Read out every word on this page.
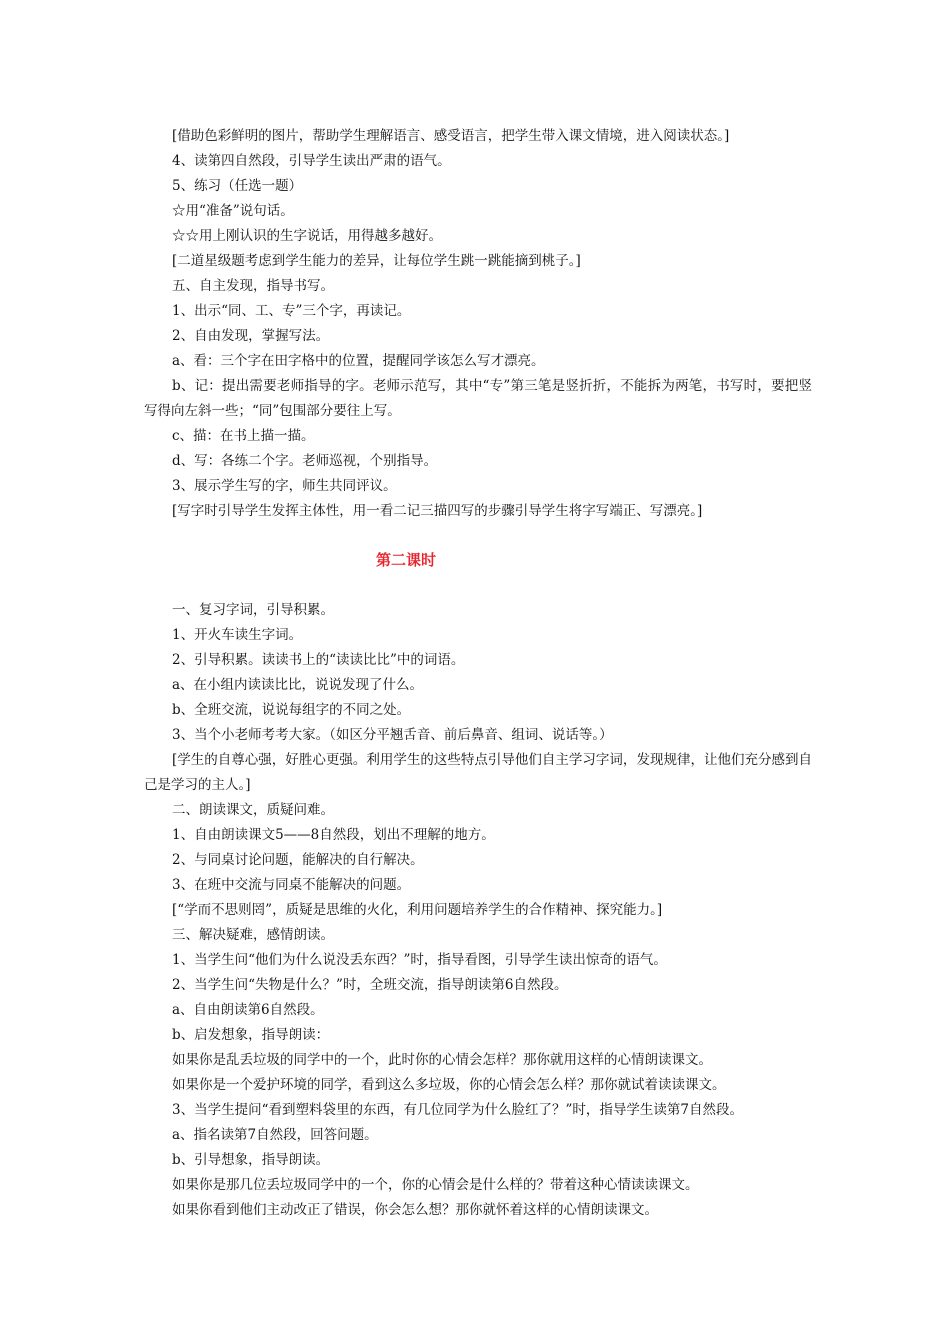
[借助色彩鲜明的图片，帮助学生理解语言、感受语言，把学生带入课文情境，进入阅读状态。]
4、读第四自然段，引导学生读出严肃的语气。
5、练习（任选一题）
☆用“准备”说句话。
☆☆用上刚认识的生字说话，用得越多越好。
[二道星级题考虑到学生能力的差异，让每位学生跳一跳能摘到桃子。]
五、自主发现，指导书写。
1、出示“同、工、专”三个字，再读记。
2、自由发现，掌握写法。
a、看：三个字在田字格中的位置，提醒同学该怎么写才漂亮。
b、记：提出需要老师指导的字。老师示范写，其中“专”第三笔是竖折折，不能拆为两笔，书写时，要把竖写得向左斜一些；“同”包围部分要往上写。
c、描：在书上描一描。
d、写：各练二个字。老师巡视，个别指导。
3、展示学生写的字，师生共同评议。
[写字时引导学生发挥主体性，用一看二记三描四写的步骤引导学生将字写端正、写漂亮。]
第二课时
一、复习字词，引导积累。
1、开火车读生字词。
2、引导积累。读读书上的“读读比比”中的词语。
a、在小组内读读比比，说说发现了什么。
b、全班交流，说说每组字的不同之处。
3、当个小老师考考大家。（如区分平翘舌音、前后鼻音、组词、说话等。）
[学生的自尊心强，好胜心更强。利用学生的这些特点引导他们自主学习字词，发现规律，让他们充分感到自己是学习的主人。]
二、朗读课文，质疑问难。
1、自由朗读课文5——8自然段，划出不理解的地方。
2、与同桌讨论问题，能解决的自行解决。
3、在班中交流与同桌不能解决的问题。
[“学而不思则罔”，质疑是思维的火化，利用问题培养学生的合作精神、探究能力。]
三、解决疑难，感情朗读。
1、当学生问“他们为什么说没丢东西？”时，指导看图，引导学生读出惊奇的语气。
2、当学生问“失物是什么？”时，全班交流，指导朗读第6自然段。
a、自由朗读第6自然段。
b、启发想象，指导朗读：
如果你是乱丢垃圾的同学中的一个，此时你的心情会怎样？那你就用这样的心情朗读课文。
如果你是一个爱护环境的同学，看到这么多垃圾，你的心情会怎么样？那你就试着读读课文。
3、当学生提问“看到塑料袋里的东西，有几位同学为什么脸红了？”时，指导学生读第7自然段。
a、指名读第7自然段，回答问题。
b、引导想象，指导朗读。
如果你是那几位丢垃圾同学中的一个，你的心情会是什么样的？带着这种心情读读课文。
如果你看到他们主动改正了错误，你会怎么想？那你就怀着这样的心情朗读课文。
